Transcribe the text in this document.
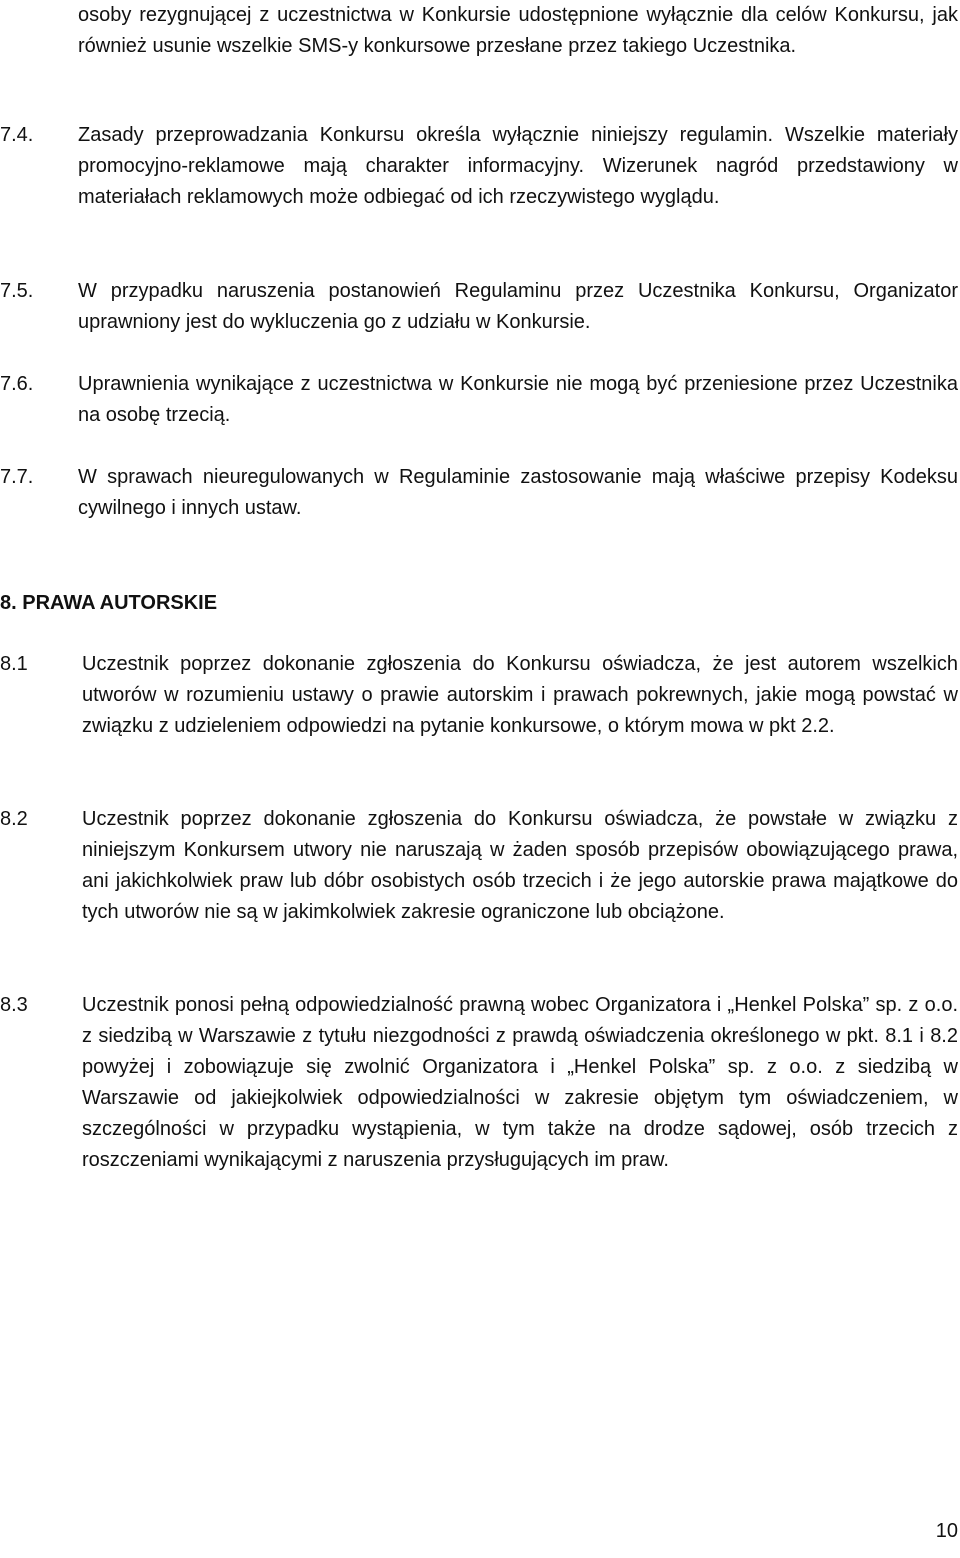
osoby rezygnującej z uczestnictwa w Konkursie udostępnione wyłącznie dla celów Konkursu, jak również usunie wszelkie SMS-y konkursowe przesłane przez takiego Uczestnika.
7.4. Zasady przeprowadzania Konkursu określa wyłącznie niniejszy regulamin. Wszelkie materiały promocyjno-reklamowe mają charakter informacyjny. Wizerunek nagród przedstawiony w materiałach reklamowych może odbiegać od ich rzeczywistego wyglądu.
7.5. W przypadku naruszenia postanowień Regulaminu przez Uczestnika Konkursu, Organizator uprawniony jest do wykluczenia go z udziału w Konkursie.
7.6. Uprawnienia wynikające z uczestnictwa w Konkursie nie mogą być przeniesione przez Uczestnika na osobę trzecią.
7.7. W sprawach nieuregulowanych w Regulaminie zastosowanie mają właściwe przepisy Kodeksu cywilnego i innych ustaw.
8. PRAWA AUTORSKIE
8.1	Uczestnik poprzez dokonanie zgłoszenia do Konkursu oświadcza, że jest autorem wszelkich utworów w rozumieniu ustawy o prawie autorskim i prawach pokrewnych, jakie mogą powstać w związku z udzieleniem odpowiedzi na pytanie konkursowe, o którym mowa w pkt 2.2.
8.2	Uczestnik poprzez dokonanie zgłoszenia do Konkursu oświadcza, że powstałe w związku z niniejszym Konkursem utwory nie naruszają w żaden sposób przepisów obowiązującego prawa, ani jakichkolwiek praw lub dóbr osobistych osób trzecich i że jego autorskie prawa majątkowe do tych utworów nie są w jakimkolwiek zakresie ograniczone lub obciążone.
8.3	Uczestnik ponosi pełną odpowiedzialność prawną wobec Organizatora i „Henkel Polska” sp. z o.o. z siedzibą w Warszawie z tytułu niezgodności z prawdą oświadczenia określonego w pkt. 8.1 i 8.2 powyżej i zobowiązuje się zwolnić Organizatora i „Henkel Polska” sp. z o.o. z siedzibą w Warszawie od jakiejkolwiek odpowiedzialności w zakresie objętym tym oświadczeniem, w szczególności w przypadku wystąpienia, w tym także na drodze sądowej, osób trzecich z roszczeniami wynikającymi z naruszenia przysługujących im praw.
10
